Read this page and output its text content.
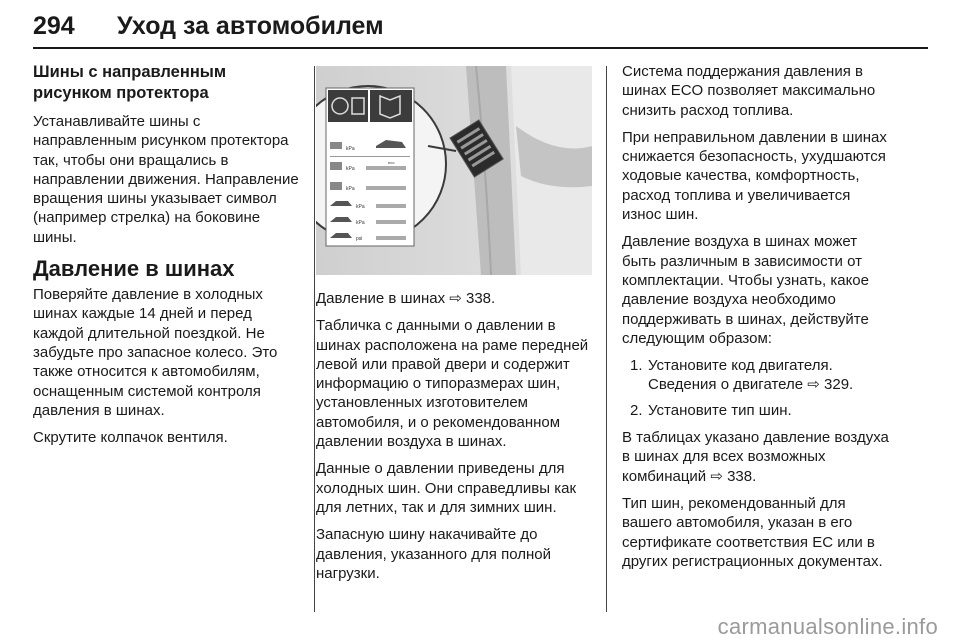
294 Уход за автомобилем
Шины с направленным рисунком протектора

Устанавливайте шины с направленным рисунком протектора так, чтобы они вращались в направлении движения. Направление вращения шины указывает символ (например стрелка) на боковине шины.

Давление в шинах

Поверяйте давление в холодных шинах каждые 14 дней и перед каждой длительной поездкой. Не забудьте про запасное колесо. Это также относится к автомобилям, оснащенным системой контроля давления в шинах.

Скрутите колпачок вентиля.

kPa
kPa
eco
kPa
kPa
kPa
psi

Давление в шинах ⇨ 338.

Табличка с данными о давлении в шинах расположена на раме передней левой или правой двери и содержит информацию о типоразмерах шин, установленных изготовителем автомобиля, и о рекомендованном давлении воздуха в шинах.

Данные о давлении приведены для холодных шин. Они справедливы как для летних, так и для зимних шин.

Запасную шину накачивайте до давления, указанного для полной нагрузки.

Система поддержания давления в шинах ECO позволяет максимально снизить расход топлива.

При неправильном давлении в шинах снижается безопасность, ухудшаются ходовые качества, комфортность, расход топлива и увеличивается износ шин.

Давление воздуха в шинах может быть различным в зависимости от комплектации. Чтобы узнать, какое давление воздуха необходимо поддерживать в шинах, действуйте следующим образом:

1. Установите код двигателя. Сведения о двигателе ⇨ 329.
2. Установите тип шин.

В таблицах указано давление воздуха в шинах для всех возможных комбинаций ⇨ 338.

Тип шин, рекомендованный для вашего автомобиля, указан в его сертификате соответствия ЕС или в других регистрационных документах.

carmanualsonline.info
